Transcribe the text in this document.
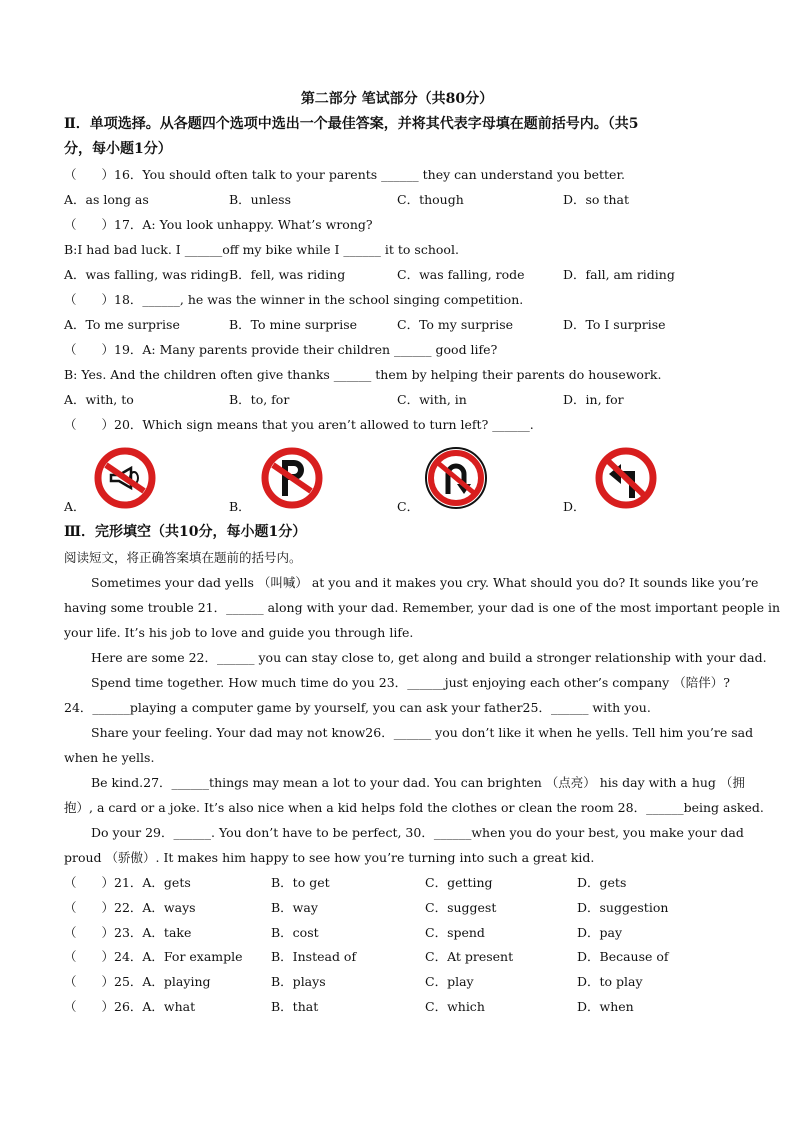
第二部分 笔试部分（共80分）
Ⅱ．单项选择。从各题四个选项中选出一个最佳答案，并将其代表字母填在题前括号内。（共5
分，每小题1分）
（　　）16．You should often talk to your parents ______ they can understand you better.
A．as long as	B．unless	C．though	D．so that
（　　）17．A: You look unhappy. What’s wrong?
B:I had bad luck. I ______off my bike while I ______ it to school.
A．was falling, was riding B．fell, was riding	C．was falling, rode	D．fall, am riding
（　　）18．______, he was the winner in the school singing competition.
A．To me surprise	B．To mine surprise	C．To my surprise	D．To I surprise
（　　）19．A: Many parents provide their children ______ good life?
B: Yes. And the children often give thanks ______ them by helping their parents do housework.
A．with, to	B．to, for	C．with, in	D．in, for
（　　）20．Which sign means that you aren’t allowed to turn left? ______.
A．	B．	C．	D．
Ⅲ．完形填空（共10分，每小题1分）
阅读短文，将正确答案填在题前的括号内。
Sometimes your dad yells （叫喊） at you and it makes you cry. What should you do? It sounds like you’re
having some trouble 21．______ along with your dad. Remember, your dad is one of the most important people in
your life. It’s his job to love and guide you through life.
Here are some 22．______ you can stay close to, get along and build a stronger relationship with your dad.
Spend time together. How much time do you 23．______just enjoying each other’s company （陪伴）?
24．______playing a computer game by yourself, you can ask your father25．______ with you.
Share your feeling. Your dad may not know26．______ you don’t like it when he yells. Tell him you’re sad
when he yells.
Be kind.27．______things may mean a lot to your dad. You can brighten （点亮） his day with a hug （拥
抱）, a card or a joke. It’s also nice when a kid helps fold the clothes or clean the room 28．______being asked.
Do your 29．______. You don’t have to be perfect, 30．______when you do your best, you make your dad
proud （骄傲）. It makes him happy to see how you’re turning into such a great kid.
（　　）21．A．gets	B．to get	C．getting	D．gets
（　　）22．A．ways	B．way	C．suggest	D．suggestion
（　　）23．A．take	B．cost	C．spend	D．pay
（　　）24．A．For example B．Instead of	C．At present	D．Because of
（　　）25．A．playing	B．plays	C．play	D．to play
（　　）26．A．what	B．that	C．which	D．when
